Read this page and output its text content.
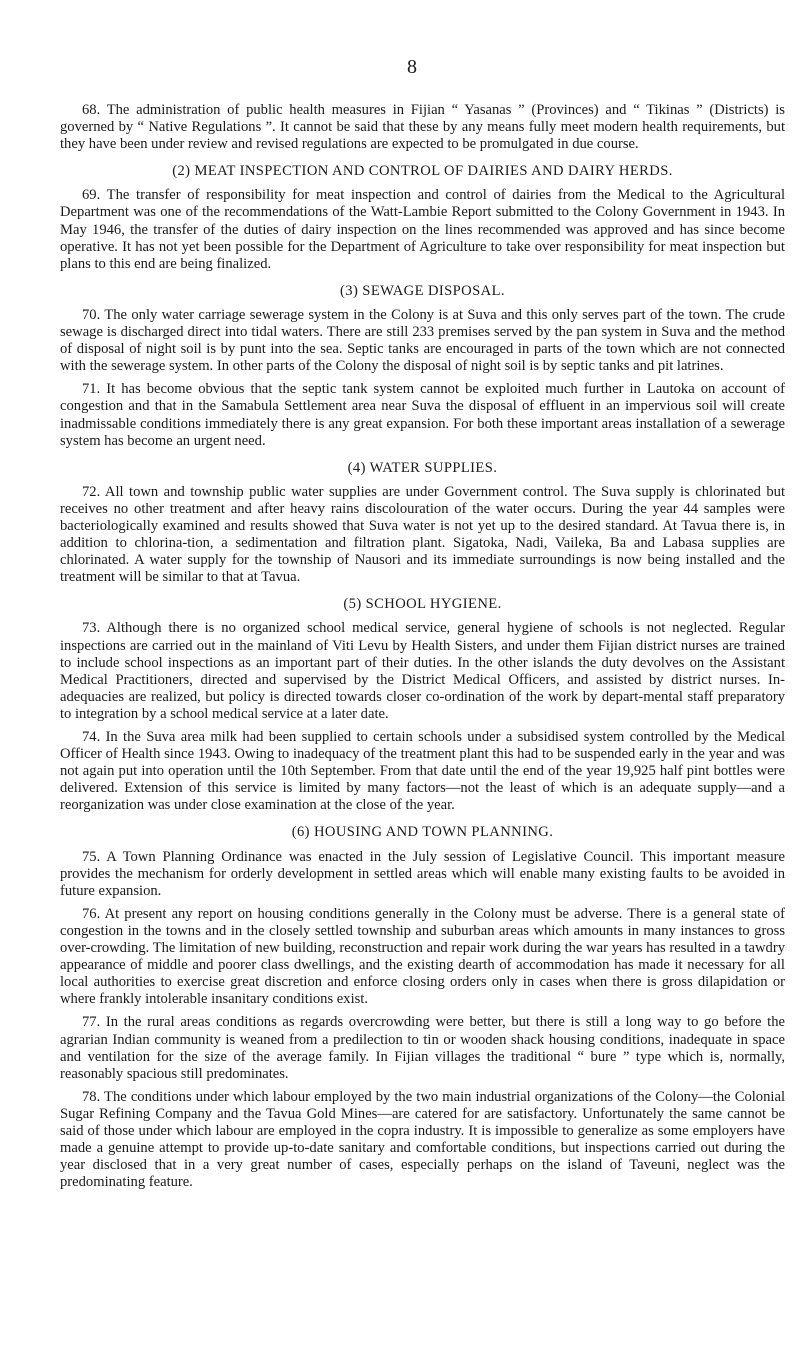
8

68. The administration of public health measures in Fijian “ Yasanas ” (Provinces) and “ Tikinas ” (Districts) is governed by “ Native Regulations ”. It cannot be said that these by any means fully meet modern health requirements, but they have been under review and revised regulations are expected to be promulgated in due course.

(2) MEAT INSPECTION AND CONTROL OF DAIRIES AND DAIRY HERDS.

69. The transfer of responsibility for meat inspection and control of dairies from the Medical to the Agricultural Department was one of the recommendations of the Watt-Lambie Report submitted to the Colony Government in 1943. In May 1946, the transfer of the duties of dairy inspection on the lines recommended was approved and has since become operative. It has not yet been possible for the Department of Agriculture to take over responsibility for meat inspection but plans to this end are being finalized.

(3) SEWAGE DISPOSAL.

70. The only water carriage sewerage system in the Colony is at Suva and this only serves part of the town. The crude sewage is discharged direct into tidal waters. There are still 233 premises served by the pan system in Suva and the method of disposal of night soil is by punt into the sea. Septic tanks are encouraged in parts of the town which are not connected with the sewerage system. In other parts of the Colony the disposal of night soil is by septic tanks and pit latrines.

71. It has become obvious that the septic tank system cannot be exploited much further in Lautoka on account of congestion and that in the Samabula Settlement area near Suva the disposal of effluent in an impervious soil will create inadmissable conditions immediately there is any great expansion. For both these important areas installation of a sewerage system has become an urgent need.

(4) WATER SUPPLIES.

72. All town and township public water supplies are under Government control. The Suva supply is chlorinated but receives no other treatment and after heavy rains discolouration of the water occurs. During the year 44 samples were bacteriologically examined and results showed that Suva water is not yet up to the desired standard. At Tavua there is, in addition to chlorina-tion, a sedimentation and filtration plant. Sigatoka, Nadi, Vaileka, Ba and Labasa supplies are chlorinated. A water supply for the township of Nausori and its immediate surroundings is now being installed and the treatment will be similar to that at Tavua.

(5) SCHOOL HYGIENE.

73. Although there is no organized school medical service, general hygiene of schools is not neglected. Regular inspections are carried out in the mainland of Viti Levu by Health Sisters, and under them Fijian district nurses are trained to include school inspections as an important part of their duties. In the other islands the duty devolves on the Assistant Medical Practitioners, directed and supervised by the District Medical Officers, and assisted by district nurses. In-adequacies are realized, but policy is directed towards closer co-ordination of the work by depart-mental staff preparatory to integration by a school medical service at a later date.

74. In the Suva area milk had been supplied to certain schools under a subsidised system controlled by the Medical Officer of Health since 1943. Owing to inadequacy of the treatment plant this had to be suspended early in the year and was not again put into operation until the 10th September. From that date until the end of the year 19,925 half pint bottles were delivered. Extension of this service is limited by many factors—not the least of which is an adequate supply—and a reorganization was under close examination at the close of the year.

(6) HOUSING AND TOWN PLANNING.

75. A Town Planning Ordinance was enacted in the July session of Legislative Council. This important measure provides the mechanism for orderly development in settled areas which will enable many existing faults to be avoided in future expansion.

76. At present any report on housing conditions generally in the Colony must be adverse. There is a general state of congestion in the towns and in the closely settled township and suburban areas which amounts in many instances to gross over-crowding. The limitation of new building, reconstruction and repair work during the war years has resulted in a tawdry appearance of middle and poorer class dwellings, and the existing dearth of accommodation has made it necessary for all local authorities to exercise great discretion and enforce closing orders only in cases when there is gross dilapidation or where frankly intolerable insanitary conditions exist.

77. In the rural areas conditions as regards overcrowding were better, but there is still a long way to go before the agrarian Indian community is weaned from a predilection to tin or wooden shack housing conditions, inadequate in space and ventilation for the size of the average family. In Fijian villages the traditional “ bure ” type which is, normally, reasonably spacious still predominates.

78. The conditions under which labour employed by the two main industrial organizations of the Colony—the Colonial Sugar Refining Company and the Tavua Gold Mines—are catered for are satisfactory. Unfortunately the same cannot be said of those under which labour are employed in the copra industry. It is impossible to generalize as some employers have made a genuine attempt to provide up-to-date sanitary and comfortable conditions, but inspections carried out during the year disclosed that in a very great number of cases, especially perhaps on the island of Taveuni, neglect was the predominating feature.
